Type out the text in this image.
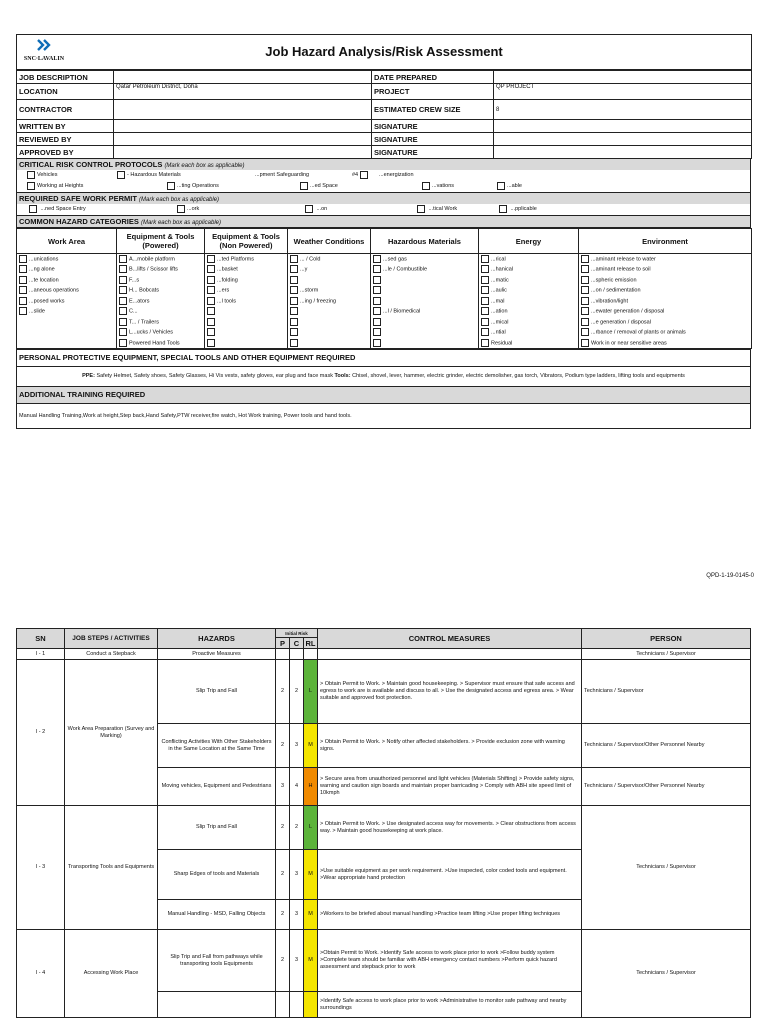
SNC·LAVALIN	Job Hazard Analysis/Risk Assessment
JOB DESCRIPTION		DATE PREPARED	
LOCATION	Qatar Petroleum District, Doha	PROJECT	QP PROJECT
CONTRACTOR		ESTIMATED CREW SIZE	8
WRITTEN BY		SIGNATURE	
REVIEWED BY		SIGNATURE	
APPROVED BY		SIGNATURE	
CRITICAL RISK CONTROL PROTOCOLS (Mark each box as applicable)
Vehicles	- Hazardous Materials	...pment Safeguarding	#4	...energization
Working at Heights	...ting Operations	...ed Space	...vations	...able
REQUIRED SAFE WORK PERMIT (Mark each box as applicable)
...ned Space Entry	...ork	...on	...tical Work	...pplicable
COMMON HAZARD CATEGORIES (Mark each box as applicable)
Work Area	Equipment & Tools (Powered)	Equipment & Tools (Non Powered)	Weather Conditions	Hazardous Materials	Energy	Environment
...unications	A...mobile platform	...ted Platforms	... / Cold	...sed gas	...rical	...aminant release to water
...ng alone	B...lifts / Scissor lifts	...basket	...y	...le / Combustible	...hanical	...aminant release to soil
...te location	F...s	...folding			...matic	...spheric emission
...aneous operations	H... Bobcats	...ers	...storm		...aulic	...on / sedimentation
...posed works	E...ators	...l tools	...ing / freezing		...mal	...vibration/light
...slide	C...			...l / Biomedical	...ation	...ewater generation / disposal
	T... / Trailers				...mical	...e generation / disposal
	L...ucks / Vehicles				...ntial	...rbance / removal of plants or animals
	Powered Hand Tools				Residual	Work in or near sensitive areas
PERSONAL PROTECTIVE EQUIPMENT, SPECIAL TOOLS AND OTHER EQUIPMENT REQUIRED
PPE: Safety Helmet, Safety shoes, Safety Glasses, Hi Vis vests, safety gloves, ear plug and face mask Tools: Chisel, shovel, lever, hammer, electric grinder, electric demolisher, gas torch, Vibrators, Podium type ladders, lifting tools and equipments
ADDITIONAL TRAINING REQUIRED
Manual Handling Training,Work at height,Step back,Hand Safety,PTW receiver,fire watch, Hot Work training, Power tools and hand tools.
QPD-1-19-0145-0
SN	JOB STEPS / ACTIVITIES	HAZARDS	Initial Risk			CONTROL MEASURES	PERSON
			P	C	RL		
I - 1	Conduct a Stepback	Proactive Measures					Technicians / Supervisor
I - 2	Work Area Preparation (Survey and Marking)	Slip Trip and Fall	2	2	L	> Obtain Permit to Work. > Maintain good housekeeping. > Supervisor must ensure that safe access and egress to work are is available and discuss to all. > Use the designated access and egress area. > Wear suitable and approved foot protection.	Technicians / Supervisor
		Conflicting Activities With Other Stakeholders in the Same Location at the Same Time	2	3	M	> Obtain Permit to Work. > Notify other affected stakeholders. > Provide exclusion zone with warning signs.	Technicians / Supervisor/Other Personnel Nearby
		Moving vehicles, Equipment and Pedestrians	3	4	H	> Secure area from unauthorized personnel and light vehicles (Materials Shifting) > Provide safety signs, warning and caution sign boards and maintain proper barricading > Comply with ABH site speed limit of 10kmph	Technicians / Supervisor/Other Personnel Nearby
I - 3	Transporting Tools and Equipments	Slip Trip and Fall	2	2	L	> Obtain Permit to Work. > Use designated access way for movements. > Clear obstructions from access way. > Maintain good housekeeping at work place.	Technicians / Supervisor
		Sharp Edges of tools and Materials	2	3	M	>Use suitable equipment as per work requirement. >Use inspected, color coded tools and equipment. >Wear appropriate hand protection	
		Manual Handling - MSD, Falling Objects	2	3	M	>Workers to be briefed about manual handling >Practice team lifting >Use proper lifting techniques	
I - 4	Accessing Work Place	Slip Trip and Fall from pathways while transporting tools Equipments	2	3	M	>Obtain Permit to Work. >Identify Safe access to work place prior to work >Follow buddy system >Complete team should be familiar with ABH emergency contact numbers >Perform quick hazard assessment and stepback prior to work	Technicians / Supervisor
						>Identify Safe access to work place prior to work >Administrative to monitor safe pathway and nearby surroundings	
